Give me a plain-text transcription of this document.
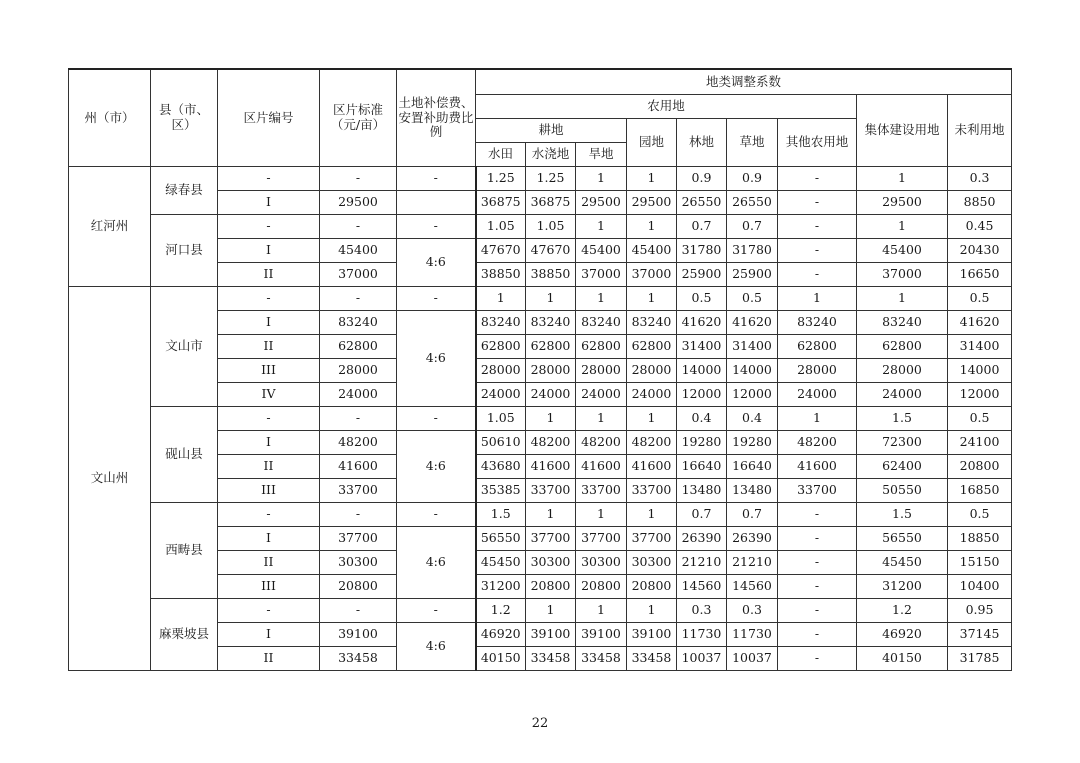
州（市）	县（市、区）	区片编号	区片标准（元/亩）	土地补偿费、安置补助费比例	地类调整系数								
					农用地							集体建设用地	未利用地
					耕地			园地	林地	草地	其他农用地		
					水田	水浇地	旱地						
红河州	绿春县	-	-	-	1.25	1.25	1	1	0.9	0.9	-	1	0.3
		I	29500		36875	36875	29500	29500	26550	26550	-	29500	8850
	河口县	-	-	-	1.05	1.05	1	1	0.7	0.7	-	1	0.45
		I	45400	4:6	47670	47670	45400	45400	31780	31780	-	45400	20430
		II	37000		38850	38850	37000	37000	25900	25900	-	37000	16650
文山州	文山市	-	-	-	1	1	1	1	0.5	0.5	1	1	0.5
		I	83240	4:6	83240	83240	83240	83240	41620	41620	83240	83240	41620
		II	62800		62800	62800	62800	62800	31400	31400	62800	62800	31400
		III	28000		28000	28000	28000	28000	14000	14000	28000	28000	14000
		IV	24000		24000	24000	24000	24000	12000	12000	24000	24000	12000
	砚山县	-	-	-	1.05	1	1	1	0.4	0.4	1	1.5	0.5
		I	48200	4:6	50610	48200	48200	48200	19280	19280	48200	72300	24100
		II	41600		43680	41600	41600	41600	16640	16640	41600	62400	20800
		III	33700		35385	33700	33700	33700	13480	13480	33700	50550	16850
	西畴县	-	-	-	1.5	1	1	1	0.7	0.7	-	1.5	0.5
		I	37700	4:6	56550	37700	37700	37700	26390	26390	-	56550	18850
		II	30300		45450	30300	30300	30300	21210	21210	-	45450	15150
		III	20800		31200	20800	20800	20800	14560	14560	-	31200	10400
	麻栗坡县	-	-	-	1.2	1	1	1	0.3	0.3	-	1.2	0.95
		I	39100	4:6	46920	39100	39100	39100	11730	11730	-	46920	37145
		II	33458		40150	33458	33458	33458	10037	10037	-	40150	31785
22
